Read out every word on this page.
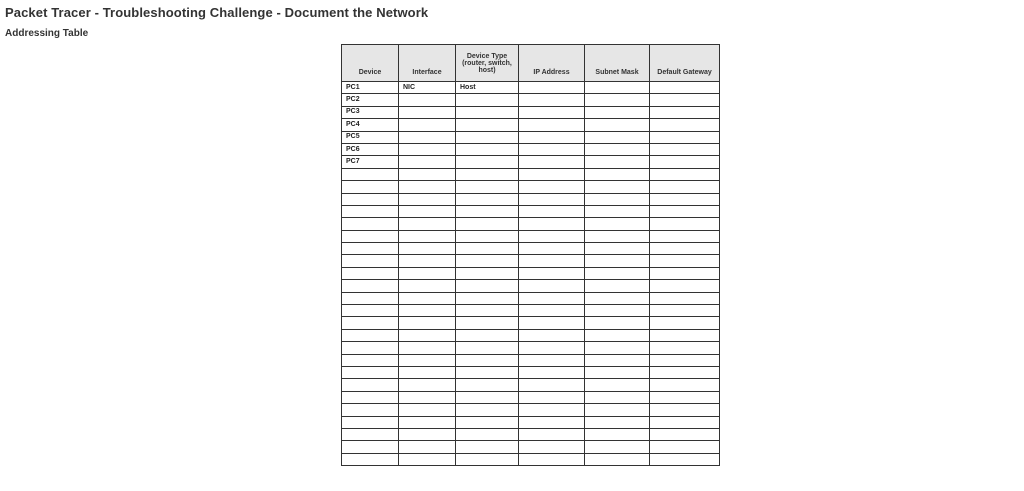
Packet Tracer - Troubleshooting Challenge - Document the Network
Addressing Table
Device	Interface	Device Type (router, switch, host)	IP Address	Subnet Mask	Default Gateway
PC1	NIC	Host			
PC2					
PC3					
PC4					
PC5					
PC6					
PC7					
